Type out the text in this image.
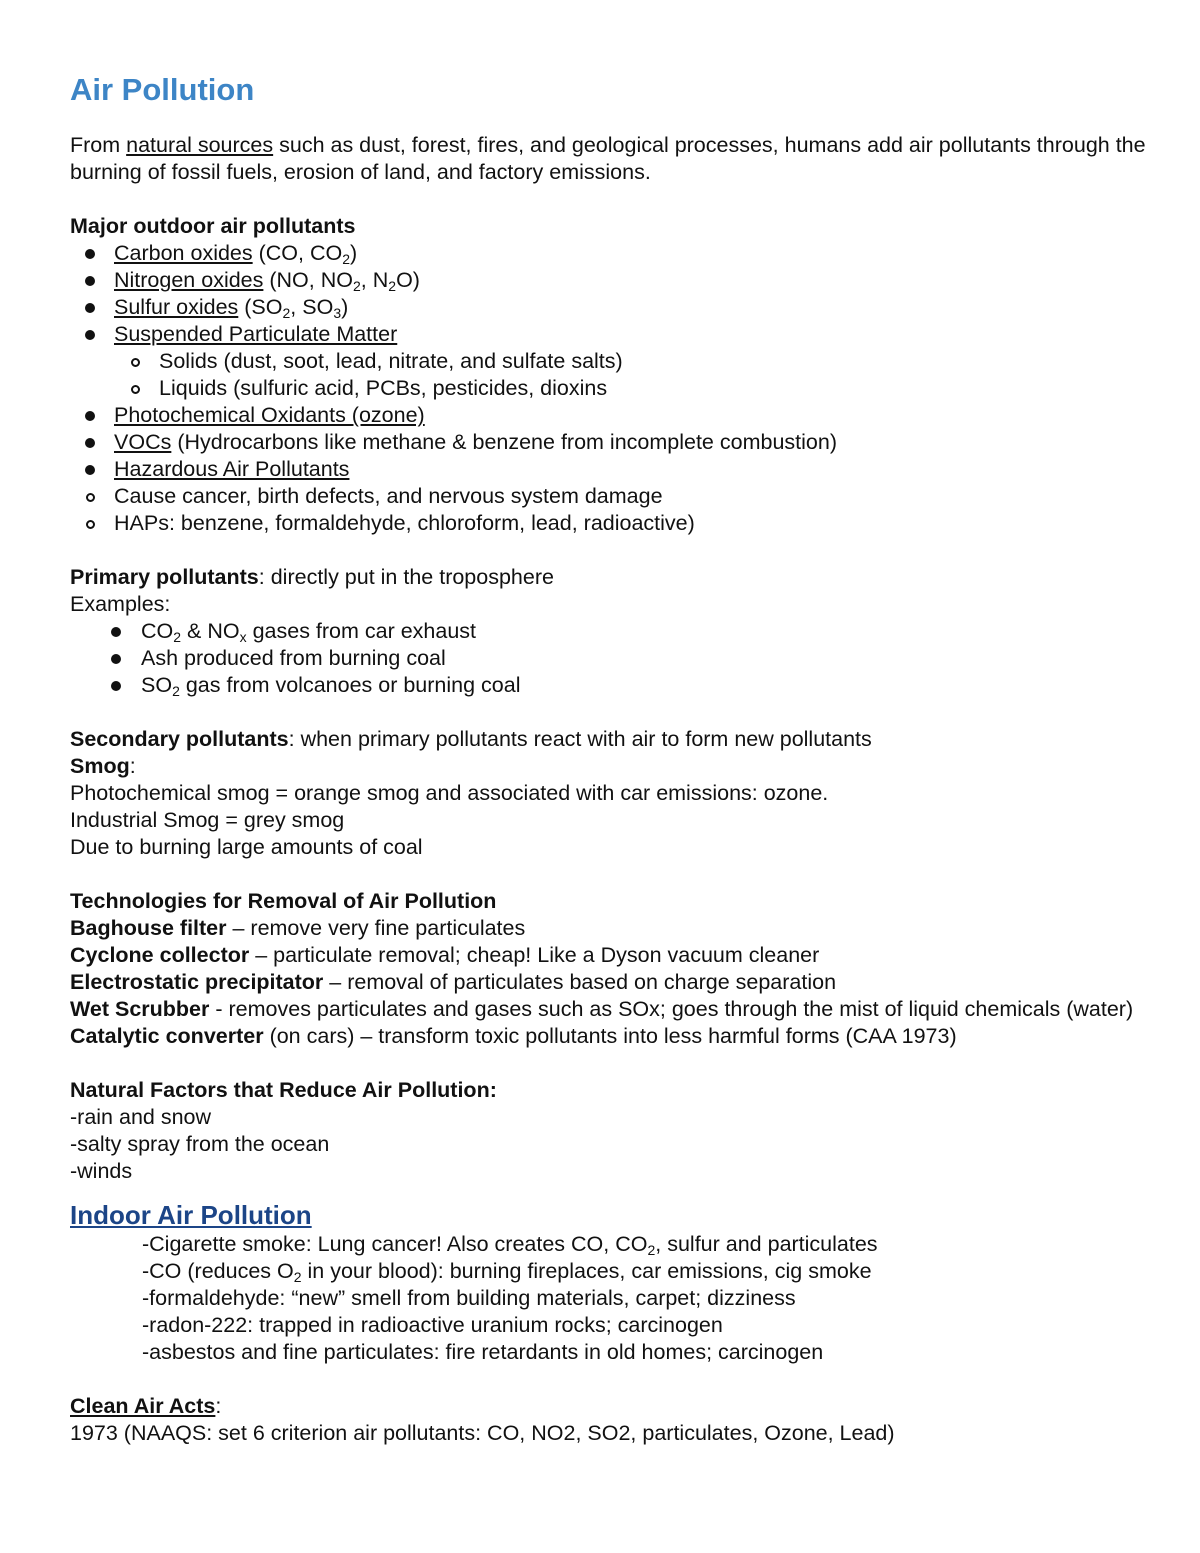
Air Pollution

From natural sources such as dust, forest, fires, and geological processes, humans add air pollutants through the burning of fossil fuels, erosion of land, and factory emissions.

Major outdoor air pollutants

Carbon oxides (CO, $CO_2$)
Nitrogen oxides (NO, $NO_2$, $N_2O$)
Sulfur oxides ($SO_2$, $SO_3$)
Suspended Particulate Matter
Solids (dust, soot, lead, nitrate, and sulfate salts)
Liquids (sulfuric acid, PCBs, pesticides, dioxins
Photochemical Oxidants (ozone)
VOCs (Hydrocarbons like methane & benzene from incomplete combustion)
Hazardous Air Pollutants
Cause cancer, birth defects, and nervous system damage
HAPs: benzene, formaldehyde, chloroform, lead, radioactive)

Primary pollutants: directly put in the troposphere

Examples:

$CO_2$ & $NO_x$ gases from car exhaust
Ash produced from burning coal
$SO_2$ gas from volcanoes or burning coal

Secondary pollutants: when primary pollutants react with air to form new pollutants

Smog:

Photochemical smog = orange smog and associated with car emissions: ozone.

Industrial Smog = grey smog

Due to burning large amounts of coal

Technologies for Removal of Air Pollution

Baghouse filter – remove very fine particulates

Cyclone collector – particulate removal; cheap! Like a Dyson vacuum cleaner

Electrostatic precipitator – removal of particulates based on charge separation

Wet Scrubber - removes particulates and gases such as SOx; goes through the mist of liquid chemicals (water)

Catalytic converter (on cars) – transform toxic pollutants into less harmful forms (CAA 1973)

Natural Factors that Reduce Air Pollution:

-rain and snow

-salty spray from the ocean

-winds

Indoor Air Pollution

-Cigarette smoke: Lung cancer! Also creates CO, $CO_2$, sulfur and particulates

-CO (reduces $O_2$ in your blood): burning fireplaces, car emissions, cig smoke

-formaldehyde: “new” smell from building materials, carpet; dizziness

-radon-222: trapped in radioactive uranium rocks; carcinogen

-asbestos and fine particulates: fire retardants in old homes; carcinogen

Clean Air Acts:

1973 (NAAQS: set 6 criterion air pollutants: CO, NO2, SO2, particulates, Ozone, Lead)
